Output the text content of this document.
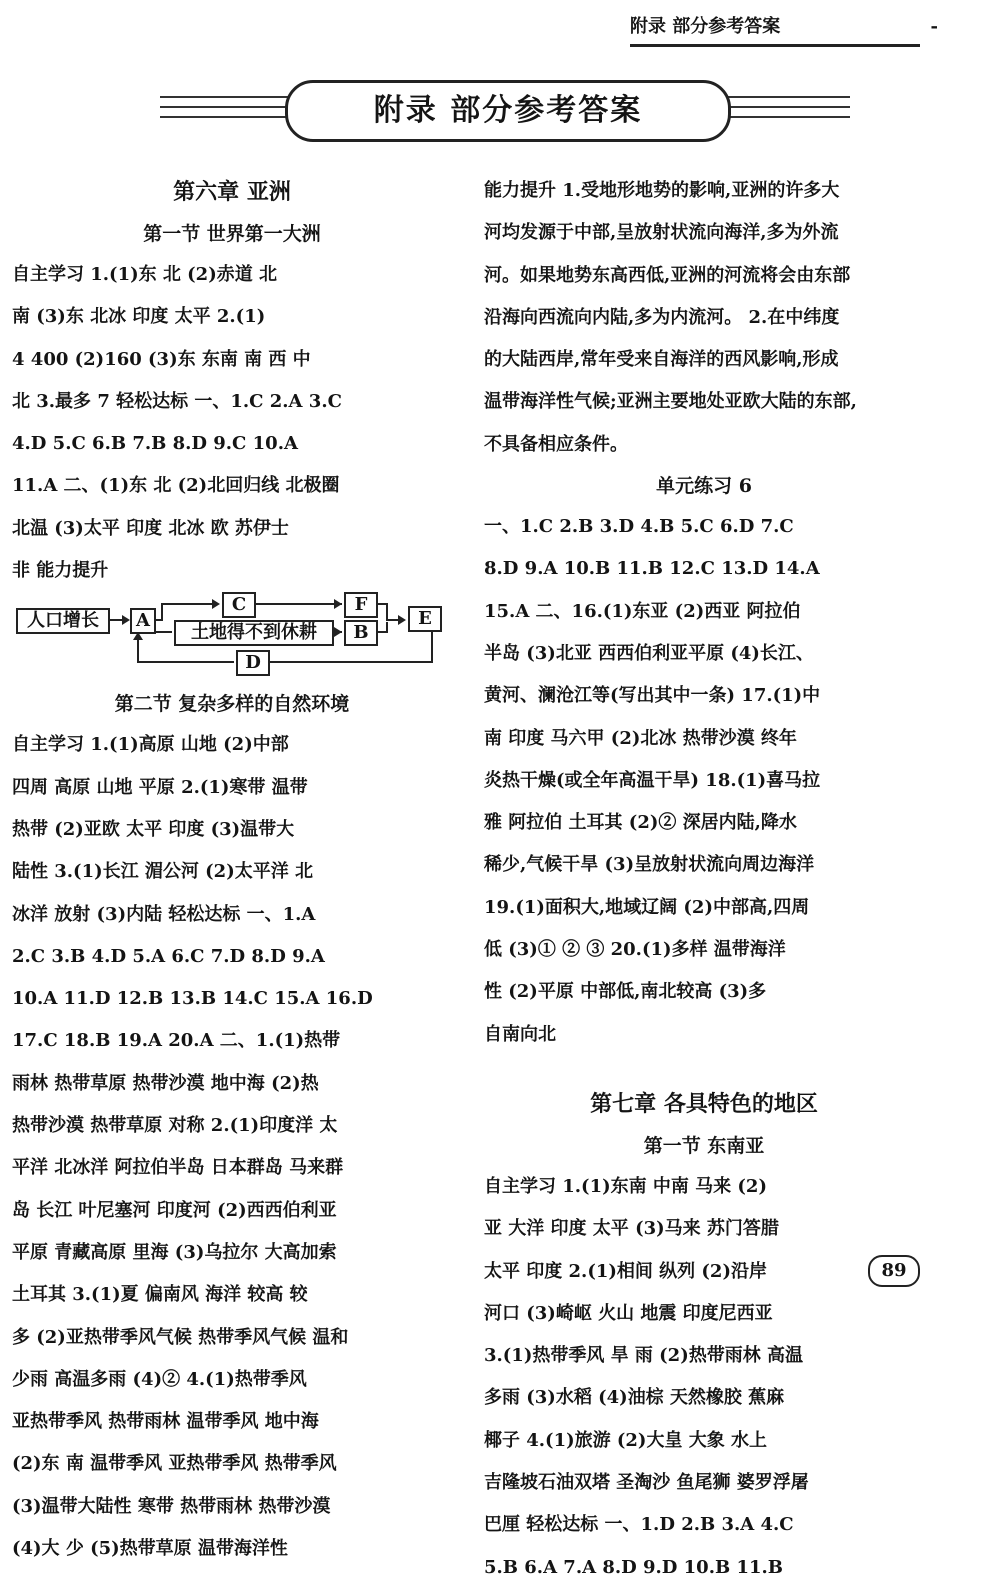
附录 部分参考答案	-
附录 部分参考答案
第六章 亚洲
第一节 世界第一大洲
自主学习 1.(1)东 北 (2)赤道 北
南 (3)东 北冰 印度 太平 2.(1)
4 400 (2)160 (3)东 东南 南 西 中
北 3.最多 7 轻松达标 一、1.C 2.A 3.C
4.D 5.C 6.B 7.B 8.D 9.C 10.A
11.A 二、(1)东 北 (2)北回归线 北极圈
北温 (3)太平 印度 北冰 欧 苏伊士
非 能力提升
人口增长	A
C	F
E
土地得不到休耕	B
D
第二节 复杂多样的自然环境
自主学习 1.(1)高原 山地 (2)中部
四周 高原 山地 平原 2.(1)寒带 温带
热带 (2)亚欧 太平 印度 (3)温带大
陆性 3.(1)长江 湄公河 (2)太平洋 北
冰洋 放射 (3)内陆 轻松达标 一、1.A
2.C 3.B 4.D 5.A 6.C 7.D 8.D 9.A
10.A 11.D 12.B 13.B 14.C 15.A 16.D
17.C 18.B 19.A 20.A 二、1.(1)热带
雨林 热带草原 热带沙漠 地中海 (2)热
热带沙漠 热带草原 对称 2.(1)印度洋 太
平洋 北冰洋 阿拉伯半岛 日本群岛 马来群
岛 长江 叶尼塞河 印度河 (2)西西伯利亚
平原 青藏高原 里海 (3)乌拉尔 大高加索
土耳其 3.(1)夏 偏南风 海洋 较高 较
多 (2)亚热带季风气候 热带季风气候 温和
少雨 高温多雨 (4)② 4.(1)热带季风
亚热带季风 热带雨林 温带季风 地中海
(2)东 南 温带季风 亚热带季风 热带季风
(3)温带大陆性 寒带 热带雨林 热带沙漠
(4)大 少 (5)热带草原 温带海洋性
能力提升 1.受地形地势的影响,亚洲的许多大
河均发源于中部,呈放射状流向海洋,多为外流
河。如果地势东高西低,亚洲的河流将会由东部
沿海向西流向内陆,多为内流河。 2.在中纬度
的大陆西岸,常年受来自海洋的西风影响,形成
温带海洋性气候;亚洲主要地处亚欧大陆的东部,
不具备相应条件。
单元练习 6
一、1.C 2.B 3.D 4.B 5.C 6.D 7.C
8.D 9.A 10.B 11.B 12.C 13.D 14.A
15.A 二、16.(1)东亚 (2)西亚 阿拉伯
半岛 (3)北亚 西西伯利亚平原 (4)长江、
黄河、澜沧江等(写出其中一条) 17.(1)中
南 印度 马六甲 (2)北冰 热带沙漠 终年
炎热干燥(或全年高温干旱) 18.(1)喜马拉
雅 阿拉伯 土耳其 (2)② 深居内陆,降水
稀少,气候干旱 (3)呈放射状流向周边海洋
19.(1)面积大,地域辽阔 (2)中部高,四周
低 (3)① ② ③ 20.(1)多样 温带海洋
性 (2)平原 中部低,南北较高 (3)多
自南向北
第七章 各具特色的地区
第一节 东南亚
自主学习 1.(1)东南 中南 马来 (2)
亚 大洋 印度 太平 (3)马来 苏门答腊
太平 印度 2.(1)相间 纵列 (2)沿岸
河口 (3)崎岖 火山 地震 印度尼西亚
3.(1)热带季风 旱 雨 (2)热带雨林 高温
多雨 (3)水稻 (4)油棕 天然橡胶 蕉麻
椰子 4.(1)旅游 (2)大皇 大象 水上
吉隆坡石油双塔 圣淘沙 鱼尾狮 婆罗浮屠
巴厘 轻松达标 一、1.D 2.B 3.A 4.C
5.B 6.A 7.A 8.D 9.D 10.B 11.B
89
